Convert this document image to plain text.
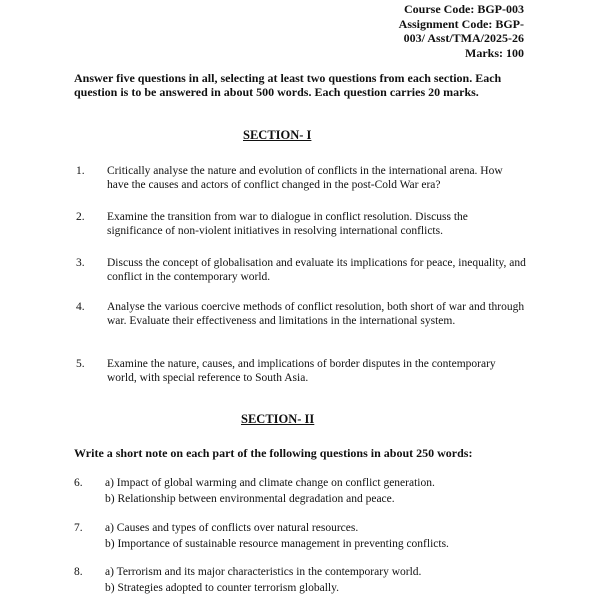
Course Code: BGP-003
Assignment Code: BGP-
003/ Asst/TMA/2025-26
Marks: 100
Answer five questions in all, selecting at least two questions from each section. Each question is to be answered in about 500 words. Each question carries 20 marks.
SECTION- I
1. Critically analyse the nature and evolution of conflicts in the international arena. How have the causes and actors of conflict changed in the post-Cold War era?
2. Examine the transition from war to dialogue in conflict resolution. Discuss the significance of non-violent initiatives in resolving international conflicts.
3. Discuss the concept of globalisation and evaluate its implications for peace, inequality, and conflict in the contemporary world.
4. Analyse the various coercive methods of conflict resolution, both short of war and through war. Evaluate their effectiveness and limitations in the international system.
5. Examine the nature, causes, and implications of border disputes in the contemporary world, with special reference to South Asia.
SECTION- II
Write a short note on each part of the following questions in about 250 words:
6. a) Impact of global warming and climate change on conflict generation.
b) Relationship between environmental degradation and peace.
7. a) Causes and types of conflicts over natural resources.
b) Importance of sustainable resource management in preventing conflicts.
8. a) Terrorism and its major characteristics in the contemporary world.
b) Strategies adopted to counter terrorism globally.
